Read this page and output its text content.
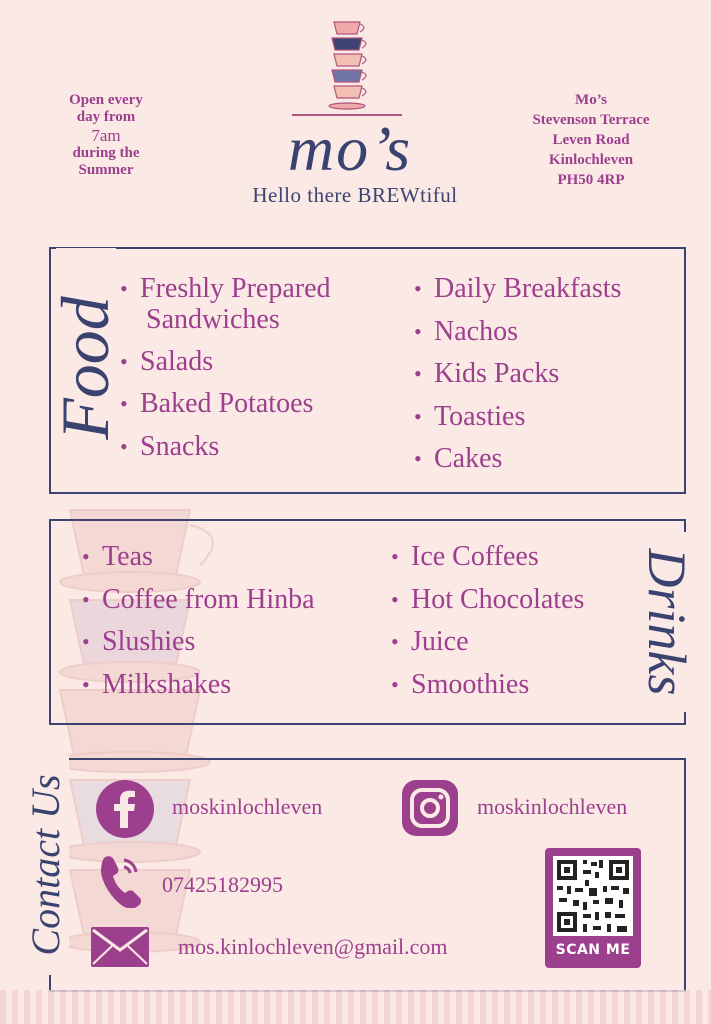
Open every
day from
7am
during the
Summer	mo’s
Hello there BREWtiful
Mo’s
Stevenson Terrace
Leven Road
Kinlochleven
PH50 4RP
Food
• Freshly Prepared
Sandwiches
• Salads
• Baked Potatoes
• Snacks
• Daily Breakfasts
• Nachos
• Kids Packs
• Toasties
• Cakes
Drinks
• Teas
• Coffee from Hinba
• Slushies
• Milkshakes
• Ice Coffees
• Hot Chocolates
• Juice
• Smoothies
Contact Us	moskinlochleven	moskinlochleven
07425182995
mos.kinlochleven@gmail.com	SCAN ME
